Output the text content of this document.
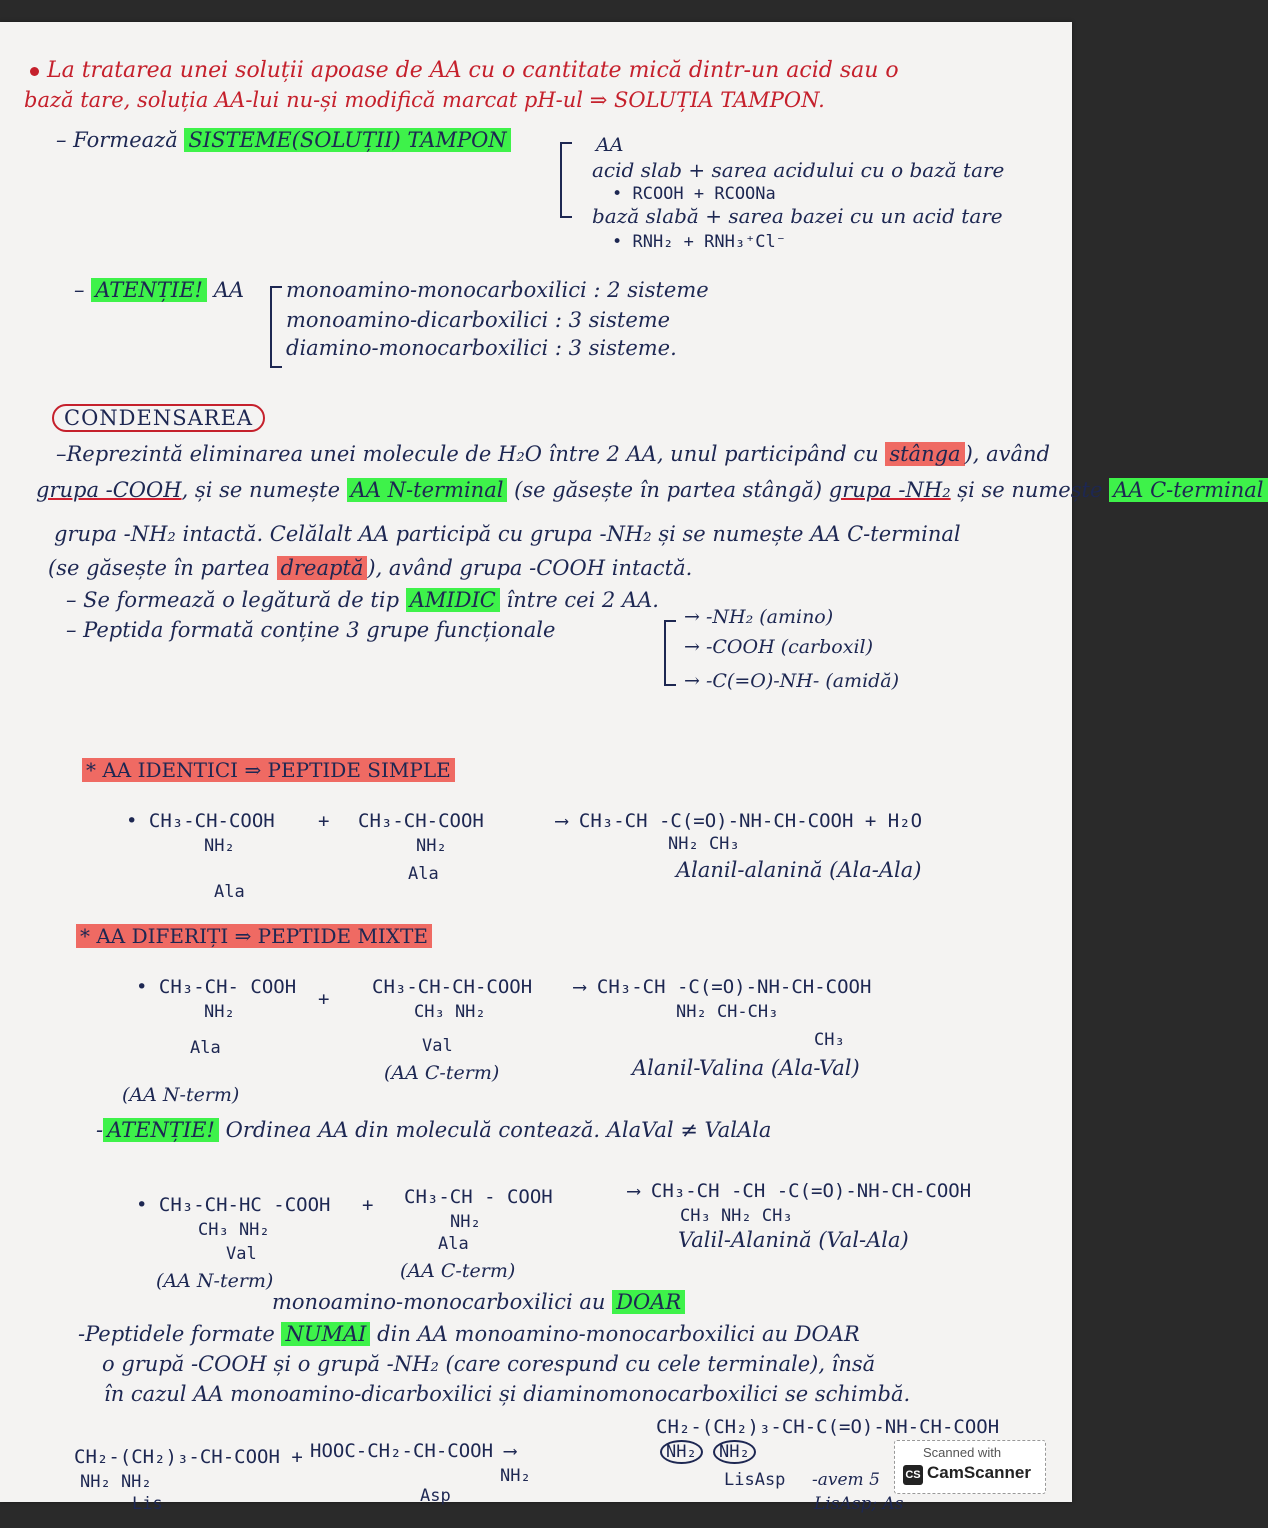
La tratarea unei soluții apoase de AA cu o cantitate mică dintr-un acid sau o
bază tare, soluția AA-lui nu-și modifică marcat pH-ul ⇒ SOLUȚIA TAMPON.
– Formează SISTEME(SOLUȚII) TAMPON	AA
acid slab + sarea acidului cu o bază tare
• RCOOH + RCOONa
bază slabă + sarea bazei cu un acid tare
• RNH₂ + RNH₃⁺Cl⁻
– ATENȚIE! AA monoamino-monocarboxilici : 2 sisteme
monoamino-dicarboxilici : 3 sisteme
diamino-monocarboxilici : 3 sisteme.
CONDENSAREA
–Reprezintă eliminarea unei molecule de H₂O între 2 AA, unul participând cu stânga ), având
grupa -COOH, și se numește AA N-terminal (se găsește în partea stângă) grupa -NH₂ și se numește AA C-terminal
grupa -NH₂ intactă. Celălalt AA participă cu grupa -NH₂ și se numește AA C-terminal
(se găsește în partea dreaptă ), având grupa -COOH intactă.
– Se formează o legătură de tip AMIDIC între cei 2 AA.
– Peptida formată conține 3 grupe funcționale
→ -NH₂ (amino)
→ -COOH (carboxil)
→ -C(=O)-NH- (amidă)
* AA IDENTICI ⇒ PEPTIDE SIMPLE
• CH₃-CH-COOH
NH₂
Ala
+ CH₃-CH-COOH
NH₂
Ala
⟶ CH₃-CH -C(=O)-NH-CH-COOH + H₂O
NH₂ CH₃
Alanil-alanină (Ala-Ala)
* AA DIFERIȚI ⇒ PEPTIDE MIXTE
• CH₃-CH- COOH
NH₂
Ala
+
CH₃-CH-CH-COOH
CH₃ NH₂
Val
(AA C-term)
(AA N-term)
⟶ CH₃-CH -C(=O)-NH-CH-COOH
NH₂ CH-CH₃
CH₃
Alanil-Valina (Ala-Val)
- ATENȚIE! Ordinea AA din moleculă contează. AlaVal ≠ ValAla
• CH₃-CH-HC -COOH
CH₃ NH₂
Val
(AA N-term)
+ CH₃-CH - COOH
NH₂
Ala
(AA C-term)
⟶ CH₃-CH -CH -C(=O)-NH-CH-COOH
CH₃ NH₂ CH₃
Valil-Alanină (Val-Ala)
monoamino-monocarboxilici au DOAR
-Peptidele formate NUMAI din AA monoamino-monocarboxilici au DOAR
o grupă -COOH și o grupă -NH₂ (care corespund cu cele terminale), însă
în cazul AA monoamino-dicarboxilici și diaminomonocarboxilici se schimbă.
CH₂-(CH₂)₃-CH-COOH +
NH₂ NH₂
Lis
HOOC-CH₂-CH-COOH ⟶
NH₂
Asp
CH₂-(CH₂)₃-CH-C(=O)-NH-CH-COOH
NH₂ NH₂
LisAsp -avem 5
LisAsp; As
Scanned with
CS CamScanner
